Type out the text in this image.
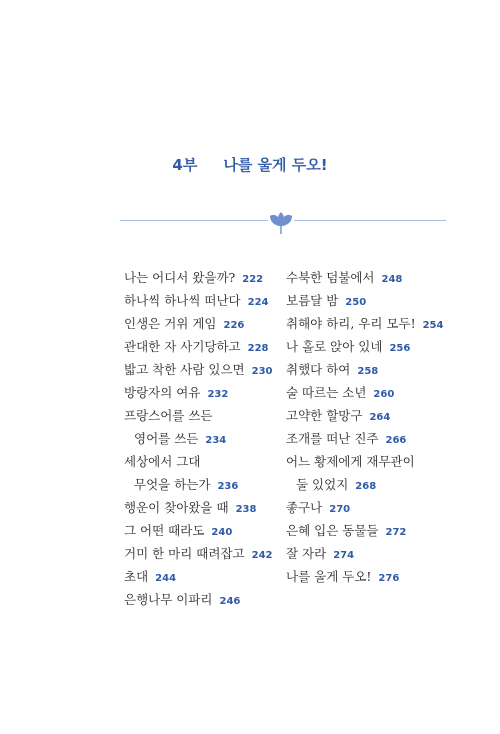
4부 나를 울게 두오!
나는 어디서 왔을까? 222
하나씩 하나씩 떠난다 224
인생은 거위 게임 226
관대한 자 사기당하고 228
밟고 착한 사람 있으면 230
방랑자의 여유 232
프랑스어를 쓰든
영어를 쓰든 234
세상에서 그대
무엇을 하는가 236
행운이 찾아왔을 때 238
그 어떤 때라도 240
거미 한 마리 때려잡고 242
초대 244
은행나무 이파리 246
수북한 덤불에서 248
보름달 밤 250
취해야 하리, 우리 모두! 254
나 홀로 앉아 있네 256
취했다 하여 258
술 따르는 소년 260
고약한 할망구 264
조개를 떠난 진주 266
어느 황제에게 재무관이
둘 있었지 268
좋구나 270
은혜 입은 동물들 272
잘 자라 274
나를 울게 두오! 276
